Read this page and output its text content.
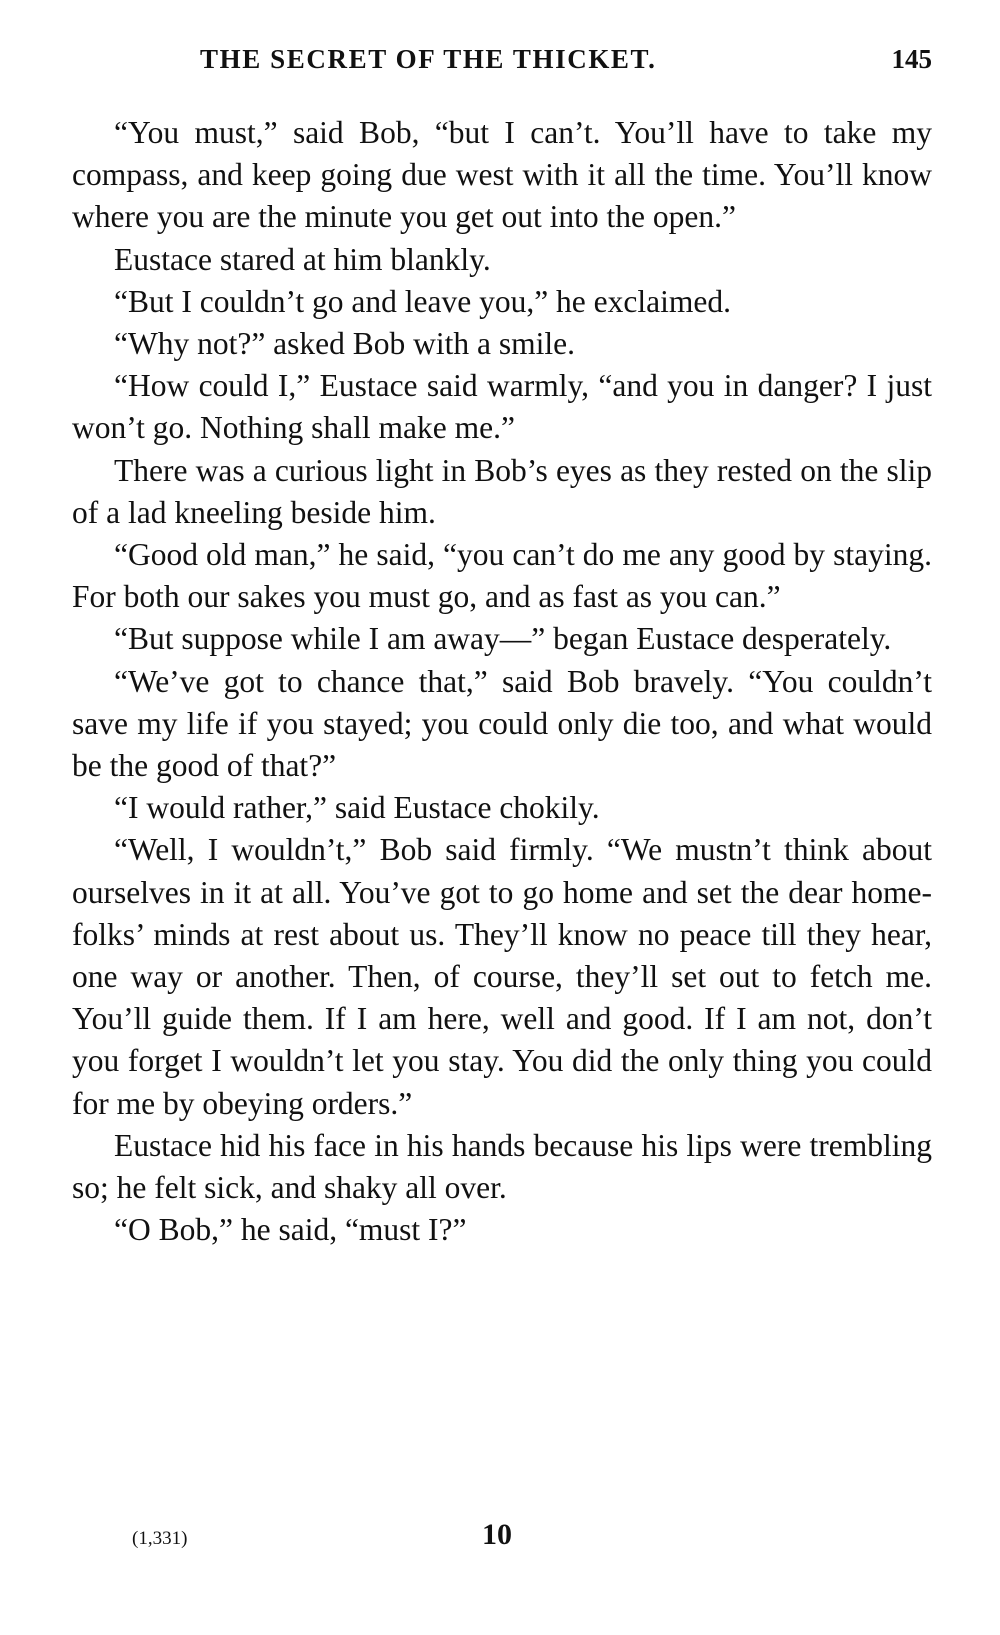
THE SECRET OF THE THICKET.	145

“You must,” said Bob, “but I can’t. You’ll have to take my compass, and keep going due west with it all the time. You’ll know where you are the minute you get out into the open.”

Eustace stared at him blankly.

“But I couldn’t go and leave you,” he exclaimed.

“Why not?” asked Bob with a smile.

“How could I,” Eustace said warmly, “and you in danger? I just won’t go. Nothing shall make me.”

There was a curious light in Bob’s eyes as they rested on the slip of a lad kneeling beside him.

“Good old man,” he said, “you can’t do me any good by staying. For both our sakes you must go, and as fast as you can.”

“But suppose while I am away—” began Eustace desperately.

“We’ve got to chance that,” said Bob bravely. “You couldn’t save my life if you stayed; you could only die too, and what would be the good of that?”

“I would rather,” said Eustace chokily.

“Well, I wouldn’t,” Bob said firmly. “We mustn’t think about ourselves in it at all. You’ve got to go home and set the dear home-folks’ minds at rest about us. They’ll know no peace till they hear, one way or another. Then, of course, they’ll set out to fetch me. You’ll guide them. If I am here, well and good. If I am not, don’t you forget I wouldn’t let you stay. You did the only thing you could for me by obeying orders.”

Eustace hid his face in his hands because his lips were trembling so; he felt sick, and shaky all over.

“O Bob,” he said, “must I?”

(1,331)	10
